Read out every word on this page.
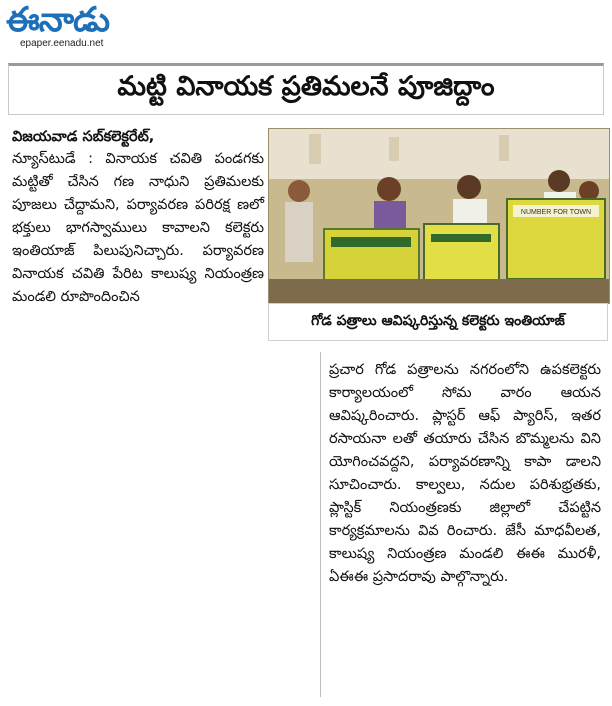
ఈనాడు
epaper.eenadu.net
మట్టి వినాయక ప్రతిమలనే పూజిద్దాం
విజయవాడ సబ్‌కలెక్టరేట్,

న్యూస్‌టుడే : వినాయక చవితి పండగకు మట్టితో చేసిన గణ నాధుని ప్రతిమలకు పూజలు చేద్దామని, పర్యావరణ పరిరక్ష ణలో భక్తులు భాగస్వాములు కావాలని కలెక్టరు ఇంతియాజ్ పిలుపునిచ్చారు. పర్యావరణ వినాయక చవితి పేరిట కాలుష్య నియంత్రణ మండలి రూపొందించిన

NUMBER FOR TOWN
గోడ పత్రాలు ఆవిష్కరిస్తున్న కలెక్టరు ఇంతియాజ్
ప్రచార గోడ పత్రాలను నగరంలోని ఉపకలెక్టరు కార్యాలయంలో సోమ వారం ఆయన ఆవిష్కరించారు. ప్లాస్టర్ ఆఫ్ ప్యారిస్, ఇతర రసాయనా లతో తయారు చేసిన బొమ్మలను విని యోగించవద్దని, పర్యావరణాన్ని కాపా డాలని సూచించారు. కాల్వలు, నదుల పరిశుభ్రతకు, ప్లాస్టిక్ నియంత్రణకు జిల్లాలో చేపట్టిన కార్యక్రమాలను వివ రించారు. జేసీ మాధవీలత, కాలుష్య నియంత్రణ మండలి ఈఈ మురళీ, ఏఈఈ ప్రసాదరావు పాల్గొన్నారు.
